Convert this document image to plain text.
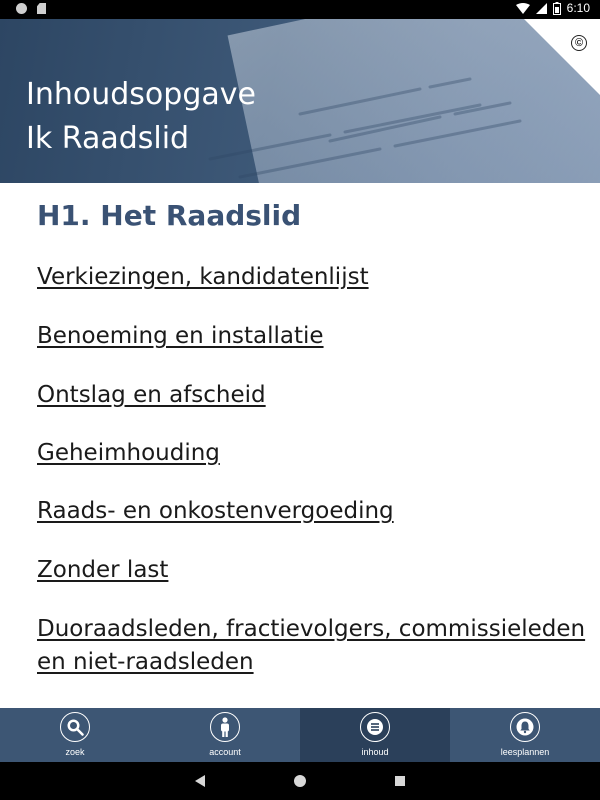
6:10
Inhoudsopgave
Ik Raadslid
©
H1. Het Raadslid
Verkiezingen, kandidatenlijst
Benoeming en installatie
Ontslag en afscheid
Geheimhouding
Raads- en onkostenvergoeding
Zonder last
Duoraadsleden, fractievolgers, commissieleden en niet-raadsleden
zoek	account	inhoud	leesplannen
